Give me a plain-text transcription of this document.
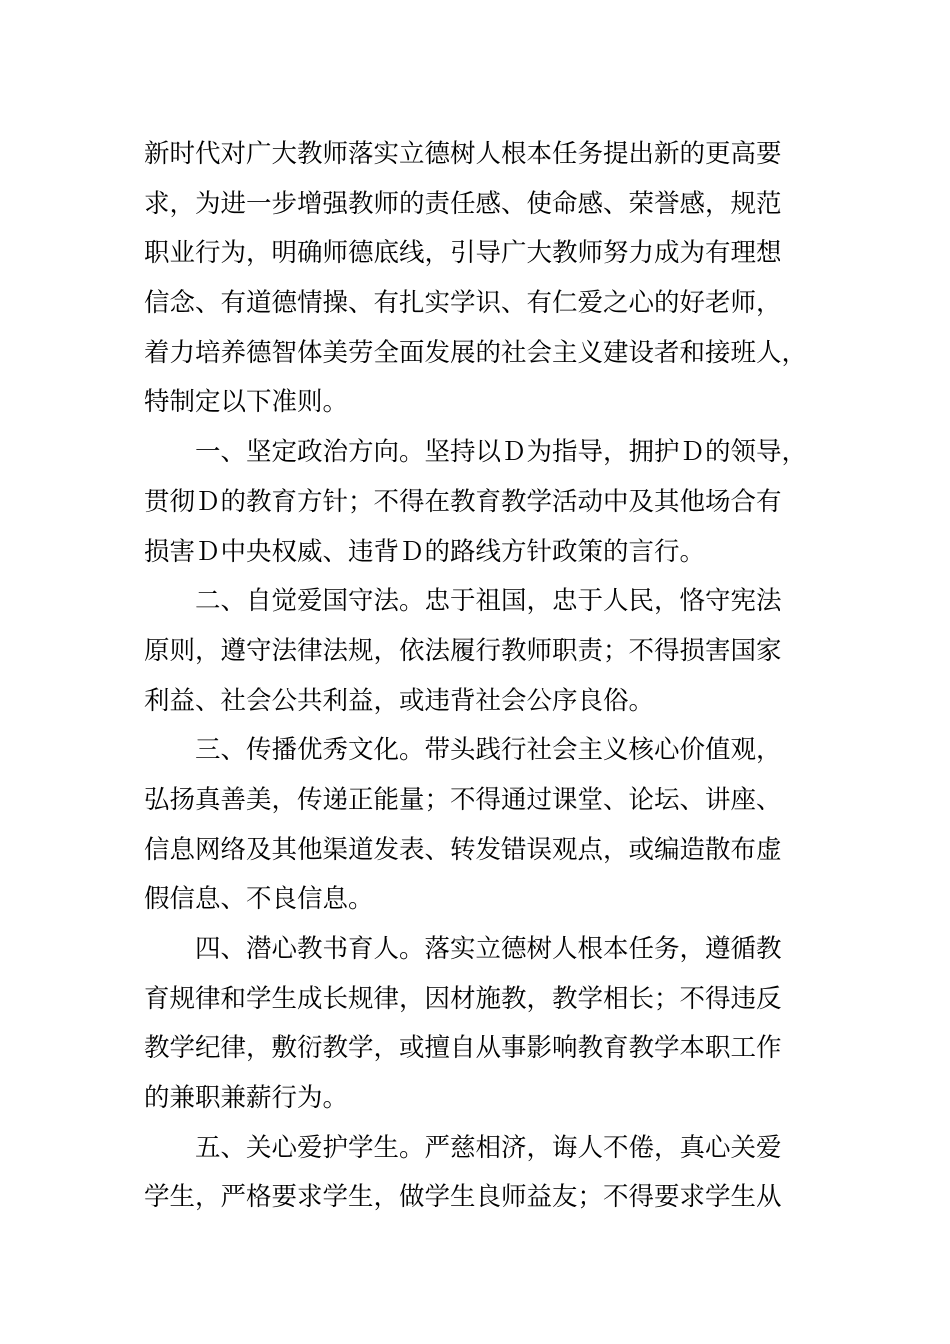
新时代对广大教师落实立德树人根本任务提出新的更高要
求，为进一步增强教师的责任感、使命感、荣誉感，规范
职业行为，明确师德底线，引导广大教师努力成为有理想
信念、有道德情操、有扎实学识、有仁爱之心的好老师，
着力培养德智体美劳全面发展的社会主义建设者和接班人，
特制定以下准则。
　　一、坚定政治方向。坚持以Ｄ为指导，拥护Ｄ的领导，
贯彻Ｄ的教育方针；不得在教育教学活动中及其他场合有
损害Ｄ中央权威、违背Ｄ的路线方针政策的言行。
　　二、自觉爱国守法。忠于祖国，忠于人民，恪守宪法
原则，遵守法律法规，依法履行教师职责；不得损害国家
利益、社会公共利益，或违背社会公序良俗。
　　三、传播优秀文化。带头践行社会主义核心价值观，
弘扬真善美，传递正能量；不得通过课堂、论坛、讲座、
信息网络及其他渠道发表、转发错误观点，或编造散布虚
假信息、不良信息。
　　四、潜心教书育人。落实立德树人根本任务，遵循教
育规律和学生成长规律，因材施教，教学相长；不得违反
教学纪律，敷衍教学，或擅自从事影响教育教学本职工作
的兼职兼薪行为。
　　五、关心爱护学生。严慈相济，诲人不倦，真心关爱
学生，严格要求学生，做学生良师益友；不得要求学生从
